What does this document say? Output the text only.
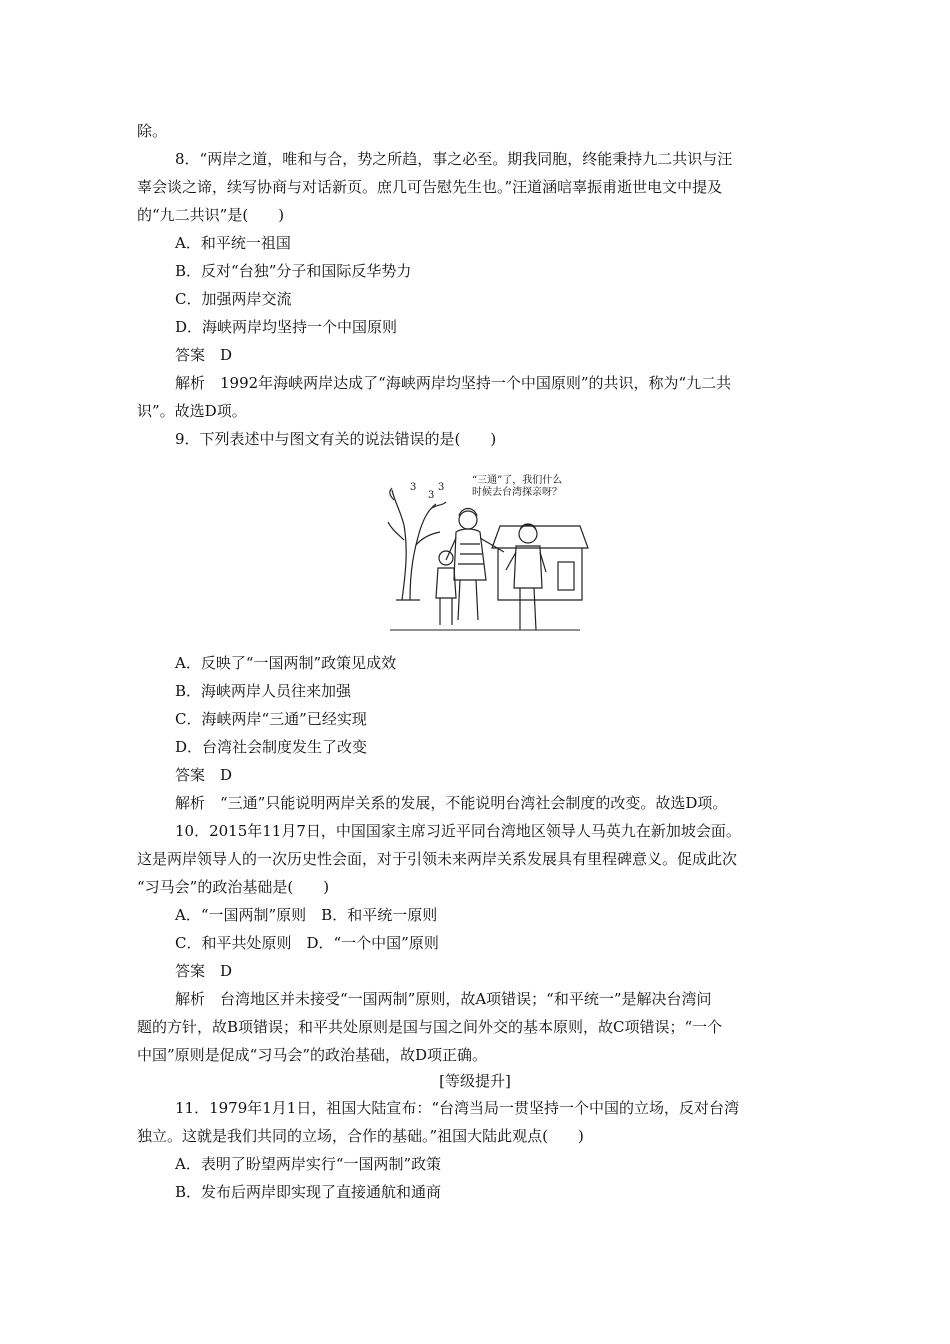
除。
8．“两岸之道，唯和与合，势之所趋，事之必至。期我同胞，终能秉持九二共识与汪
辜会谈之谛，续写协商与对话新页。庶几可告慰先生也。”汪道涵唁辜振甫逝世电文中提及
的“九二共识”是(　　)
A．和平统一祖国
B．反对“台独”分子和国际反华势力
C．加强两岸交流
D．海峡两岸均坚持一个中国原则
答案　D
解析　1992年海峡两岸达成了“海峡两岸均坚持一个中国原则”的共识，称为“九二共
识”。故选D项。
9．下列表述中与图文有关的说法错误的是(　　)
“三通”了，我们什么
时候去台湾探亲呀？
3
3
3
A．反映了“一国两制”政策见成效
B．海峡两岸人员往来加强
C．海峡两岸“三通”已经实现
D．台湾社会制度发生了改变
答案　D
解析　“三通”只能说明两岸关系的发展，不能说明台湾社会制度的改变。故选D项。
10．2015年11月7日，中国国家主席习近平同台湾地区领导人马英九在新加坡会面。
这是两岸领导人的一次历史性会面，对于引领未来两岸关系发展具有里程碑意义。促成此次
“习马会”的政治基础是(　　)
A．“一国两制”原则　B．和平统一原则
C．和平共处原则　D．“一个中国”原则
答案　D
解析　台湾地区并未接受“一国两制”原则，故A项错误；“和平统一”是解决台湾问
题的方针，故B项错误；和平共处原则是国与国之间外交的基本原则，故C项错误；“一个
中国”原则是促成“习马会”的政治基础，故D项正确。
[等级提升]
11．1979年1月1日，祖国大陆宣布：“台湾当局一贯坚持一个中国的立场，反对台湾
独立。这就是我们共同的立场，合作的基础。”祖国大陆此观点(　　)
A．表明了盼望两岸实行“一国两制”政策
B．发布后两岸即实现了直接通航和通商
